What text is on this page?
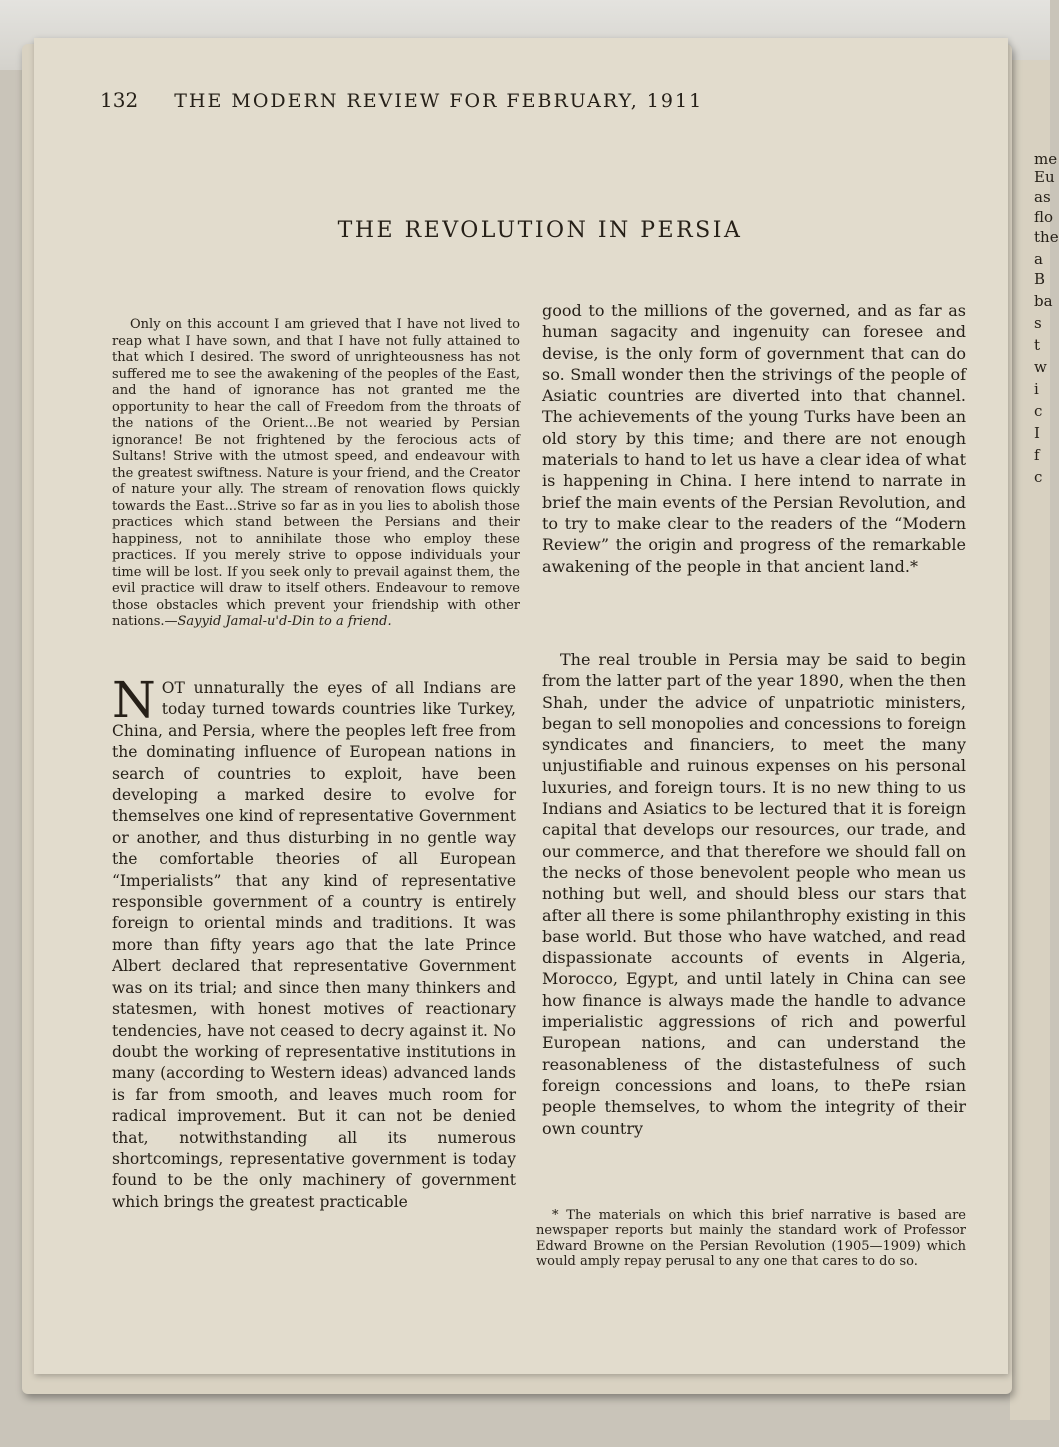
me
Eu
as
flo
the
a
B
ba
s
t
w
i
c
I
f
c
132 THE MODERN REVIEW FOR FEBRUARY, 1911
THE REVOLUTION IN PERSIA

Only on this account I am grieved that I have not lived to reap what I have sown, and that I have not fully attained to that which I desired. The sword of unrighteousness has not suffered me to see the awakening of the peoples of the East, and the hand of ignorance has not granted me the opportunity to hear the call of Freedom from the throats of the nations of the Orient...Be not wearied by Persian ignorance! Be not frightened by the ferocious acts of Sultans! Strive with the utmost speed, and endeavour with the greatest swiftness. Nature is your friend, and the Creator of nature your ally. The stream of renovation flows quickly towards the East...Strive so far as in you lies to abolish those practices which stand between the Persians and their happiness, not to annihilate those who employ these practices. If you merely strive to oppose individuals your time will be lost. If you seek only to prevail against them, the evil practice will draw to itself others. Endeavour to remove those obstacles which prevent your friendship with other nations.—Sayyid Jamal-u'd-Din to a friend.

NOT unnaturally the eyes of all Indians are today turned towards countries like Turkey, China, and Persia, where the peoples left free from the dominating influence of European nations in search of countries to exploit, have been developing a marked desire to evolve for themselves one kind of representative Government or another, and thus disturbing in no gentle way the comfortable theories of all European “Imperialists” that any kind of representative responsible government of a country is entirely foreign to oriental minds and traditions. It was more than fifty years ago that the late Prince Albert declared that representative Government was on its trial; and since then many thinkers and statesmen, with honest motives of reactionary tendencies, have not ceased to decry against it. No doubt the working of representative institutions in many (according to Western ideas) advanced lands is far from smooth, and leaves much room for radical improvement. But it can not be denied that, notwithstanding all its numerous shortcomings, representative government is today found to be the only machinery of government which brings the greatest practicable

good to the millions of the governed, and as far as human sagacity and ingenuity can foresee and devise, is the only form of government that can do so. Small wonder then the strivings of the people of Asiatic countries are diverted into that channel. The achievements of the young Turks have been an old story by this time; and there are not enough materials to hand to let us have a clear idea of what is happening in China. I here intend to narrate in brief the main events of the Persian Revolution, and to try to make clear to the readers of the “Modern Review” the origin and progress of the remarkable awakening of the people in that ancient land.*

The real trouble in Persia may be said to begin from the latter part of the year 1890, when the then Shah, under the advice of unpatriotic ministers, began to sell monopolies and concessions to foreign syndicates and financiers, to meet the many unjustifiable and ruinous expenses on his personal luxuries, and foreign tours. It is no new thing to us Indians and Asiatics to be lectured that it is foreign capital that develops our resources, our trade, and our commerce, and that therefore we should fall on the necks of those benevolent people who mean us nothing but well, and should bless our stars that after all there is some philanthrophy existing in this base world. But those who have watched, and read dispassionate accounts of events in Algeria, Morocco, Egypt, and until lately in China can see how finance is always made the handle to advance imperialistic aggressions of rich and powerful European nations, and can understand the reasonableness of the distastefulness of such foreign concessions and loans, to thePe rsian people themselves, to whom the integrity of their own country

* The materials on which this brief narrative is based are newspaper reports but mainly the standard work of Professor Edward Browne on the Persian Revolution (1905—1909) which would amply repay perusal to any one that cares to do so.
